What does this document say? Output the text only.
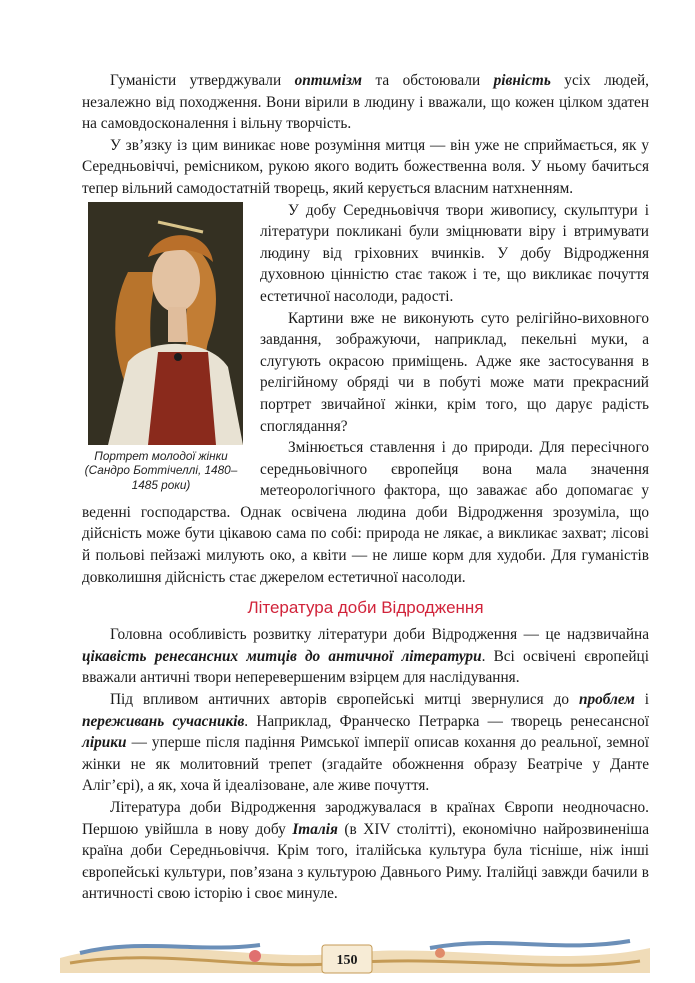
Гуманісти утверджували оптимізм та обстоювали рівність усіх людей, незалежно від походження. Вони вірили в людину і вважали, що кожен цілком здатен на самовдосконалення і вільну творчість.

У зв’язку із цим виникає нове розуміння митця — він уже не сприймається, як у Середньовіччі, ремісником, рукою якого водить божественна воля. У ньому бачиться тепер вільний самодостатній творець, який керується власним натхненням.

Портрет молодої жінки (Сандро Боттічеллі, 1480–1485 роки)

У добу Середньовіччя твори живопису, скульптури і літератури покликані були зміцнювати віру і втримувати людину від гріховних вчинків. У добу Відродження духовною цінністю стає також і те, що викликає почуття естетичної насолоди, радості.

Картини вже не виконують суто релігійно-виховного завдання, зображуючи, наприклад, пекельні муки, а слугують окрасою приміщень. Адже яке застосування в релігійному обряді чи в побуті може мати прекрасний портрет звичайної жінки, крім того, що дарує радість споглядання?

Змінюється ставлення і до природи. Для пересічного середньовічного європейця вона мала значення метеорологічного фактора, що заважає або допомагає у веденні господарства. Однак освічена людина доби Відродження зрозуміла, що дійсність може бути цікавою сама по собі: природа не лякає, а викликає захват; лісові й польові пейзажі милують око, а квіти — не лише корм для худоби. Для гуманістів довколишня дійсність стає джерелом естетичної насолоди.

Література доби Відродження

Головна особливість розвитку літератури доби Відродження — це надзвичайна цікавість ренесансних митців до античної літератури. Всі освічені європейці вважали античні твори неперевершеним взірцем для наслідування.

Під впливом античних авторів європейські митці звернулися до проблем і переживань сучасників. Наприклад, Франческо Петрарка — творець ренесансної лірики — уперше після падіння Римської імперії описав кохання до реальної, земної жінки не як молитовний трепет (згадайте обожнення образу Беатріче у Данте Аліг’єрі), а як, хоча й ідеалізоване, але живе почуття.

Література доби Відродження зароджувалася в країнах Європи неодночасно. Першою увійшла в нову добу Італія (в XIV столітті), економічно найрозвиненіша країна доби Середньовіччя. Крім того, італійська культура була тісніше, ніж інші європейські культури, пов’язана з культурою Давнього Риму. Італійці завжди бачили в античності свою історію і своє минуле.

150
